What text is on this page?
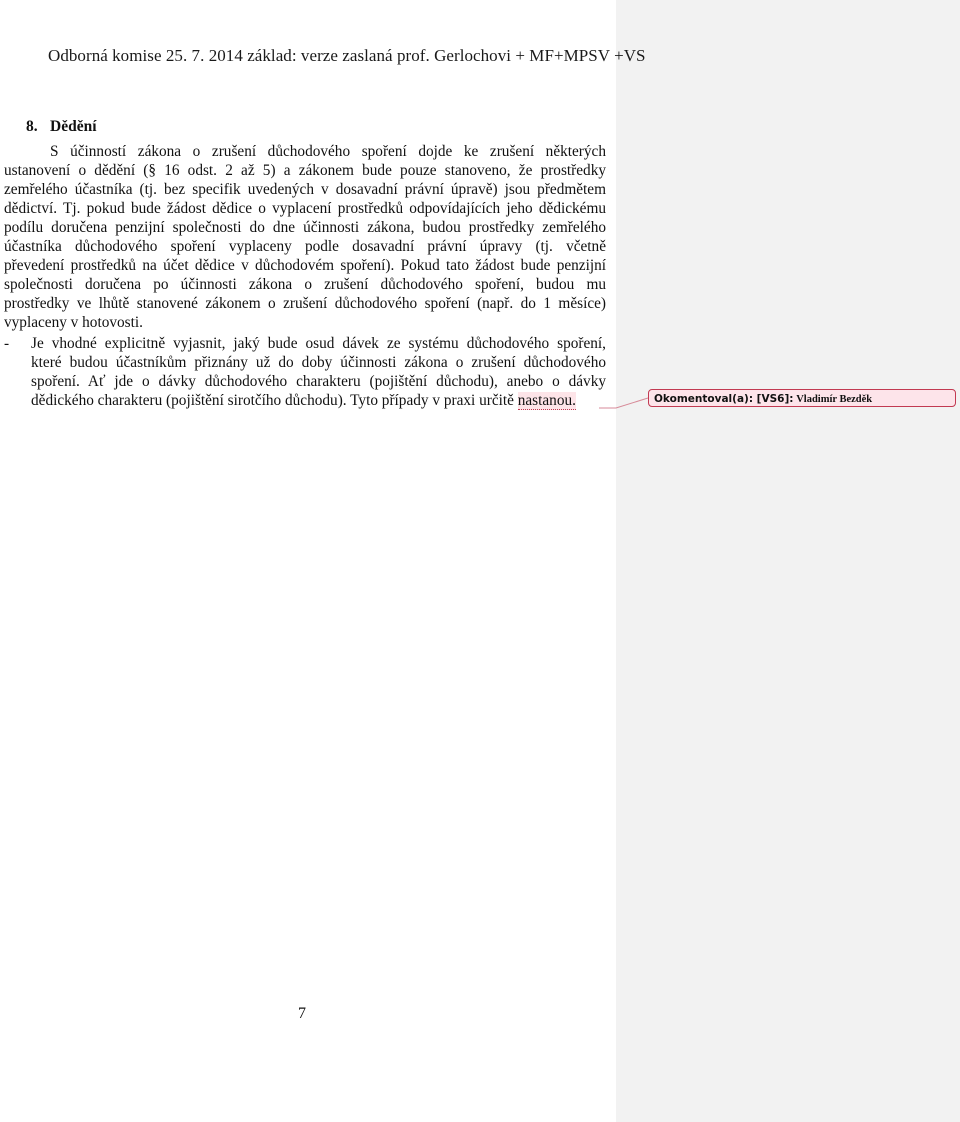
Odborná komise 25. 7. 2014 základ: verze zaslaná prof. Gerlochovi + MF+MPSV +VS
8. Dědění
S účinností zákona o zrušení důchodového spoření dojde ke zrušení některých
ustanovení o dědění (§ 16 odst. 2 až 5) a zákonem bude pouze stanoveno, že prostředky
zemřelého účastníka (tj. bez specifik uvedených v dosavadní právní úpravě) jsou předmětem
dědictví. Tj. pokud bude žádost dědice o vyplacení prostředků odpovídajících jeho dědickému
podílu doručena penzijní společnosti do dne účinnosti zákona, budou prostředky zemřelého
účastníka důchodového spoření vyplaceny podle dosavadní právní úpravy (tj. včetně
převedení prostředků na účet dědice v důchodovém spoření). Pokud tato žádost bude penzijní
společnosti doručena po účinnosti zákona o zrušení důchodového spoření, budou mu
prostředky ve lhůtě stanovené zákonem o zrušení důchodového spoření (např. do 1 měsíce)
vyplaceny v hotovosti.
- Je vhodné explicitně vyjasnit, jaký bude osud dávek ze systému důchodového spoření,
které budou účastníkům přiznány už do doby účinnosti zákona o zrušení důchodového
spoření. Ať jde o dávky důchodového charakteru (pojištění důchodu), anebo o dávky
dědického charakteru (pojištění sirotčího důchodu). Tyto případy v praxi určitě nastanou.	Okomentoval(a): [VS6]: Vladimír Bezděk
7
